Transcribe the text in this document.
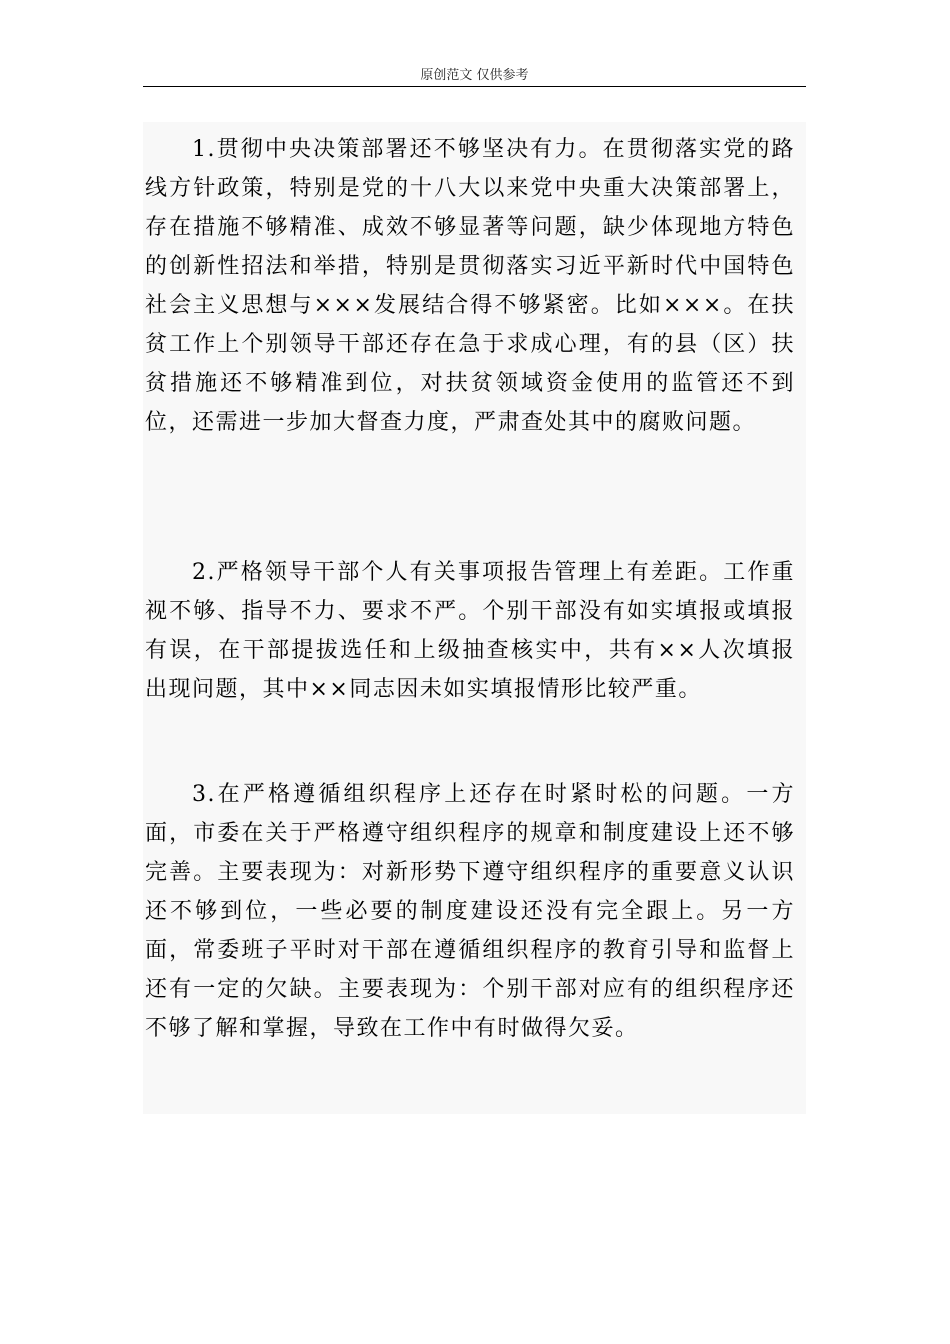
原创范文 仅供参考

1.贯彻中央决策部署还不够坚决有力。在贯彻落实党的路线方针政策，特别是党的十八大以来党中央重大决策部署上，存在措施不够精准、成效不够显著等问题，缺少体现地方特色的创新性招法和举措，特别是贯彻落实习近平新时代中国特色社会主义思想与×××发展结合得不够紧密。比如×××。在扶贫工作上个别领导干部还存在急于求成心理，有的县（区）扶贫措施还不够精准到位，对扶贫领域资金使用的监管还不到位，还需进一步加大督查力度，严肃查处其中的腐败问题。

2.严格领导干部个人有关事项报告管理上有差距。工作重视不够、指导不力、要求不严。个别干部没有如实填报或填报有误，在干部提拔选任和上级抽查核实中，共有××人次填报出现问题，其中××同志因未如实填报情形比较严重。

3.在严格遵循组织程序上还存在时紧时松的问题。一方面，市委在关于严格遵守组织程序的规章和制度建设上还不够完善。主要表现为：对新形势下遵守组织程序的重要意义认识还不够到位，一些必要的制度建设还没有完全跟上。另一方面，常委班子平时对干部在遵循组织程序的教育引导和监督上还有一定的欠缺。主要表现为：个别干部对应有的组织程序还不够了解和掌握，导致在工作中有时做得欠妥。
